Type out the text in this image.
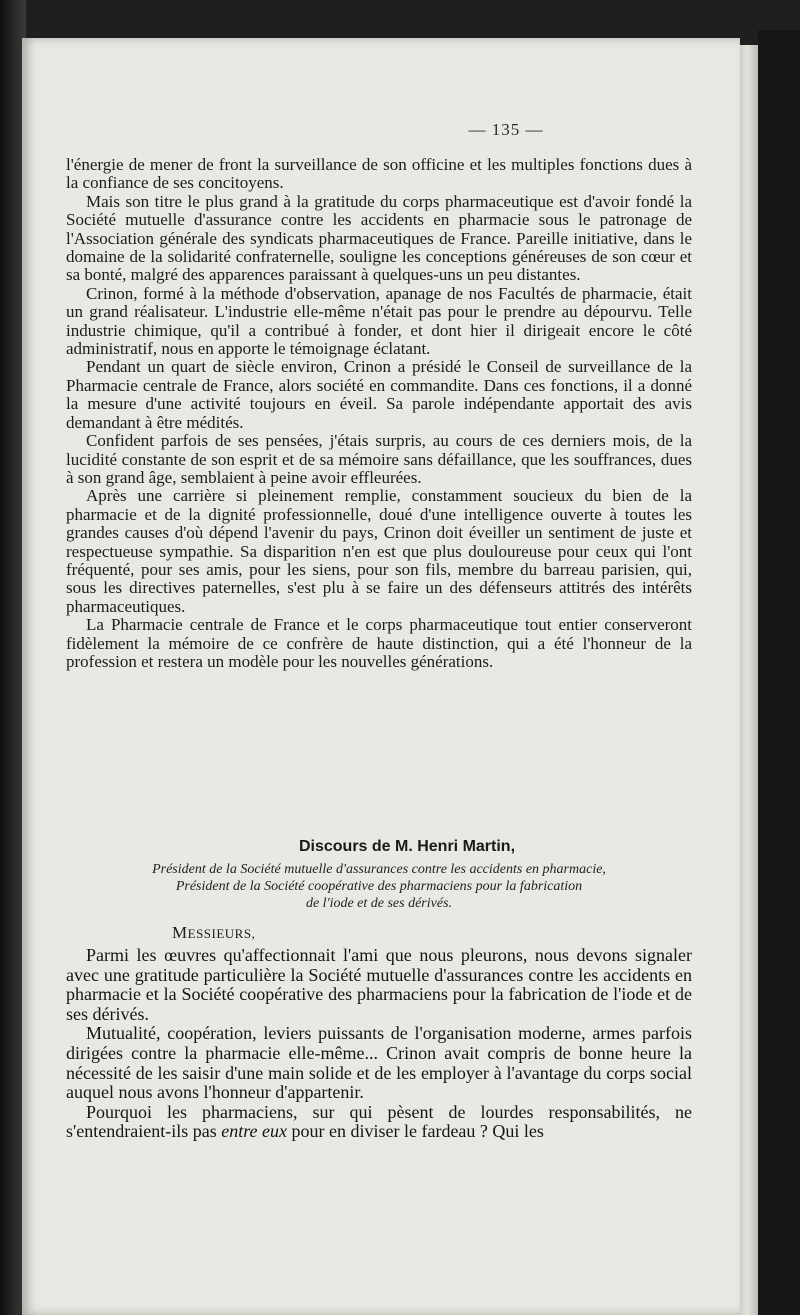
— 135 —

l'énergie de mener de front la surveillance de son officine et les multiples fonctions dues à la confiance de ses concitoyens.

Mais son titre le plus grand à la gratitude du corps pharmaceutique est d'avoir fondé la Société mutuelle d'assurance contre les accidents en pharmacie sous le patronage de l'Association générale des syndicats pharmaceutiques de France. Pareille initiative, dans le domaine de la solidarité confraternelle, souligne les conceptions généreuses de son cœur et sa bonté, malgré des apparences paraissant à quelques-uns un peu distantes.

Crinon, formé à la méthode d'observation, apanage de nos Facultés de pharmacie, était un grand réalisateur. L'industrie elle-même n'était pas pour le prendre au dépourvu. Telle industrie chimique, qu'il a contribué à fonder, et dont hier il dirigeait encore le côté administratif, nous en apporte le témoignage éclatant.

Pendant un quart de siècle environ, Crinon a présidé le Conseil de surveillance de la Pharmacie centrale de France, alors société en commandite. Dans ces fonctions, il a donné la mesure d'une activité toujours en éveil. Sa parole indépendante apportait des avis demandant à être médités.

Confident parfois de ses pensées, j'étais surpris, au cours de ces derniers mois, de la lucidité constante de son esprit et de sa mémoire sans défaillance, que les souffrances, dues à son grand âge, semblaient à peine avoir effleurées.

Après une carrière si pleinement remplie, constamment soucieux du bien de la pharmacie et de la dignité professionnelle, doué d'une intelligence ouverte à toutes les grandes causes d'où dépend l'avenir du pays, Crinon doit éveiller un sentiment de juste et respectueuse sympathie. Sa disparition n'en est que plus douloureuse pour ceux qui l'ont fréquenté, pour ses amis, pour les siens, pour son fils, membre du barreau parisien, qui, sous les directives paternelles, s'est plu à se faire un des défenseurs attitrés des intérêts pharmaceutiques.

La Pharmacie centrale de France et le corps pharmaceutique tout entier conserveront fidèlement la mémoire de ce confrère de haute distinction, qui a été l'honneur de la profession et restera un modèle pour les nouvelles générations.

Discours de M. Henri Martin,
Président de la Société mutuelle d'assurances contre les accidents en pharmacie,
Président de la Société coopérative des pharmaciens pour la fabrication
de l'iode et de ses dérivés.
MESSIEURS,

Parmi les œuvres qu'affectionnait l'ami que nous pleurons, nous devons signaler avec une gratitude particulière la Société mutuelle d'assurances contre les accidents en pharmacie et la Société coopérative des pharmaciens pour la fabrication de l'iode et de ses dérivés.

Mutualité, coopération, leviers puissants de l'organisation moderne, armes parfois dirigées contre la pharmacie elle-même... Crinon avait compris de bonne heure la nécessité de les saisir d'une main solide et de les employer à l'avantage du corps social auquel nous avons l'honneur d'appartenir.

Pourquoi les pharmaciens, sur qui pèsent de lourdes responsabilités, ne s'entendraient-ils pas entre eux pour en diviser le fardeau ? Qui les
